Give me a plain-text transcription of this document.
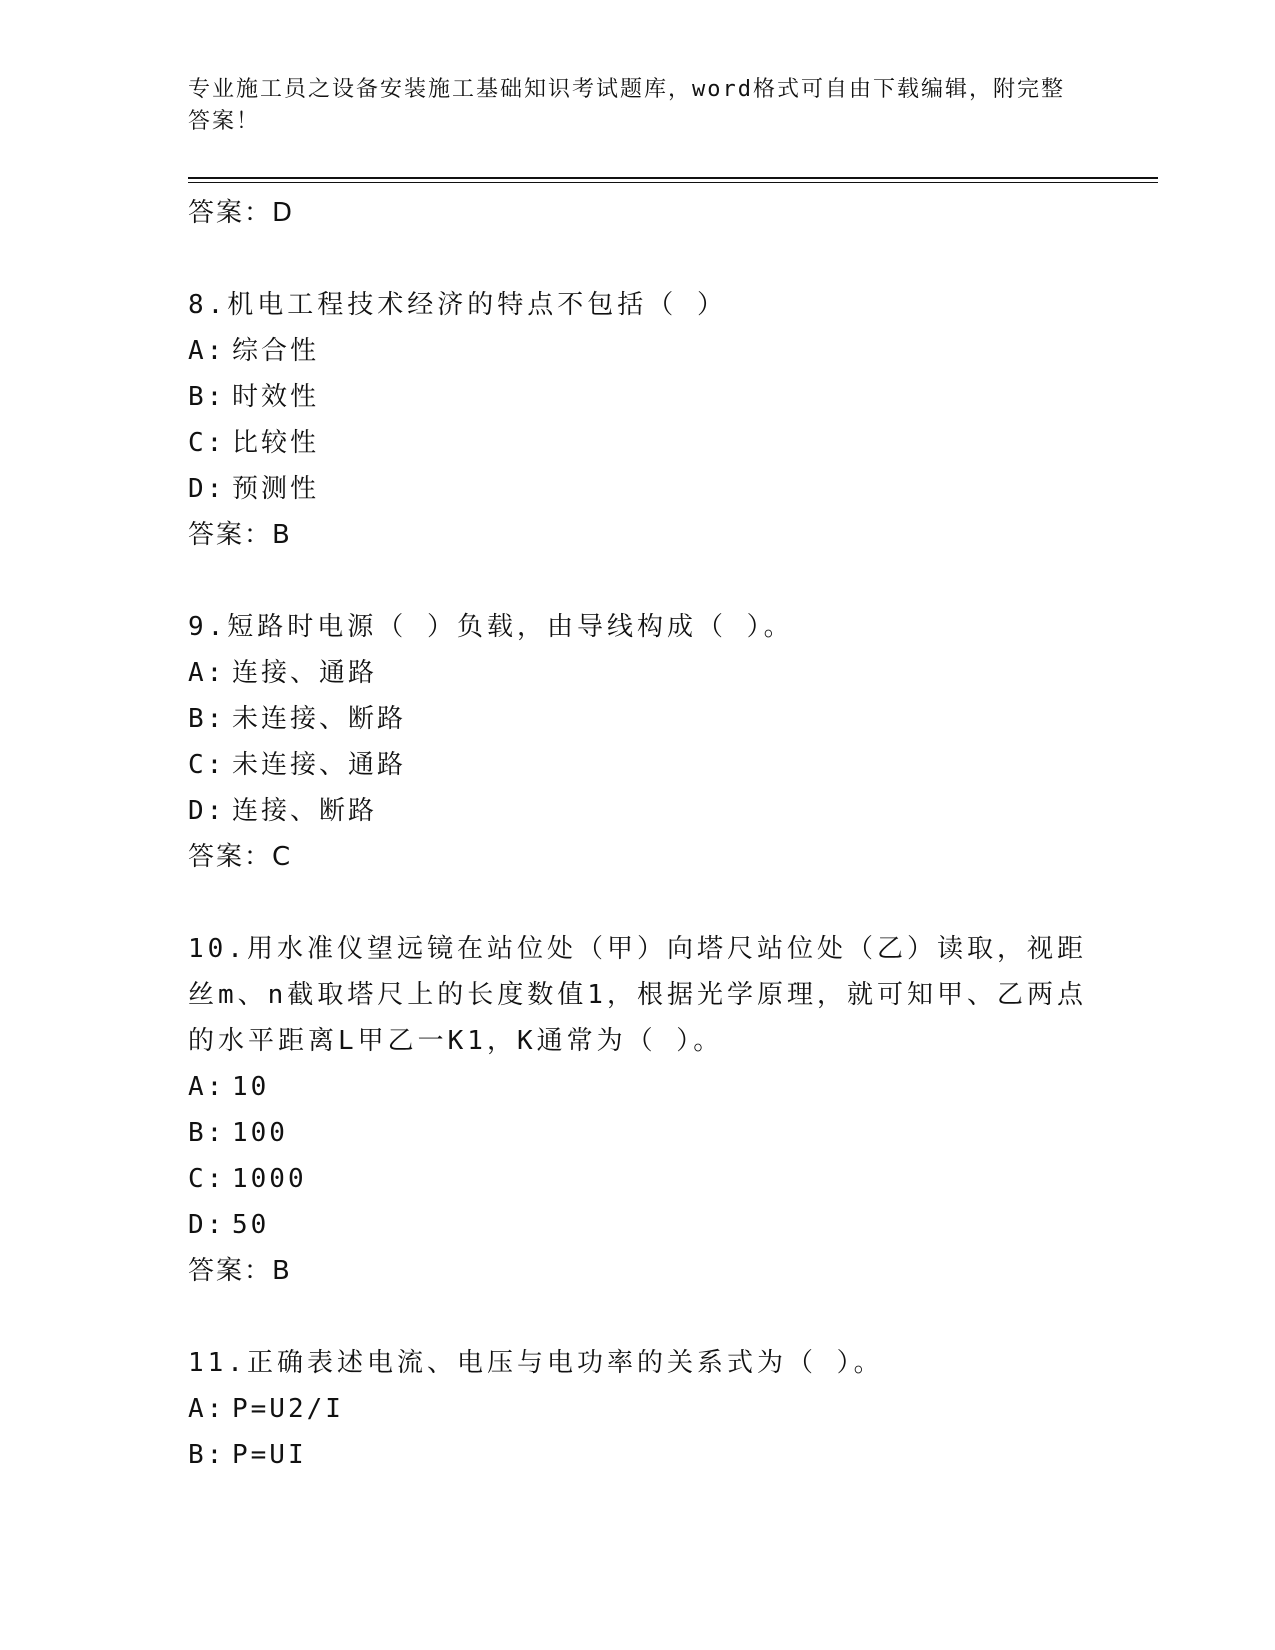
专业施工员之设备安装施工基础知识考试题库，word格式可自由下载编辑，附完整答案！

答案：D

8.机电工程技术经济的特点不包括（ ）

A: 综合性

B: 时效性

C: 比较性

D: 预测性

答案：B

9.短路时电源（ ）负载，由导线构成（ ）。

A: 连接、通路

B: 未连接、断路

C: 未连接、通路

D: 连接、断路

答案：C

10.用水准仪望远镜在站位处（甲）向塔尺站位处（乙）读取，视距丝m、n截取塔尺上的长度数值1，根据光学原理，就可知甲、乙两点的水平距离L甲乙一K1，K通常为（ ）。

A: 10

B: 100

C: 1000

D: 50

答案：B

11.正确表述电流、电压与电功率的关系式为（ ）。

A: P=U2/I

B: P=UI
